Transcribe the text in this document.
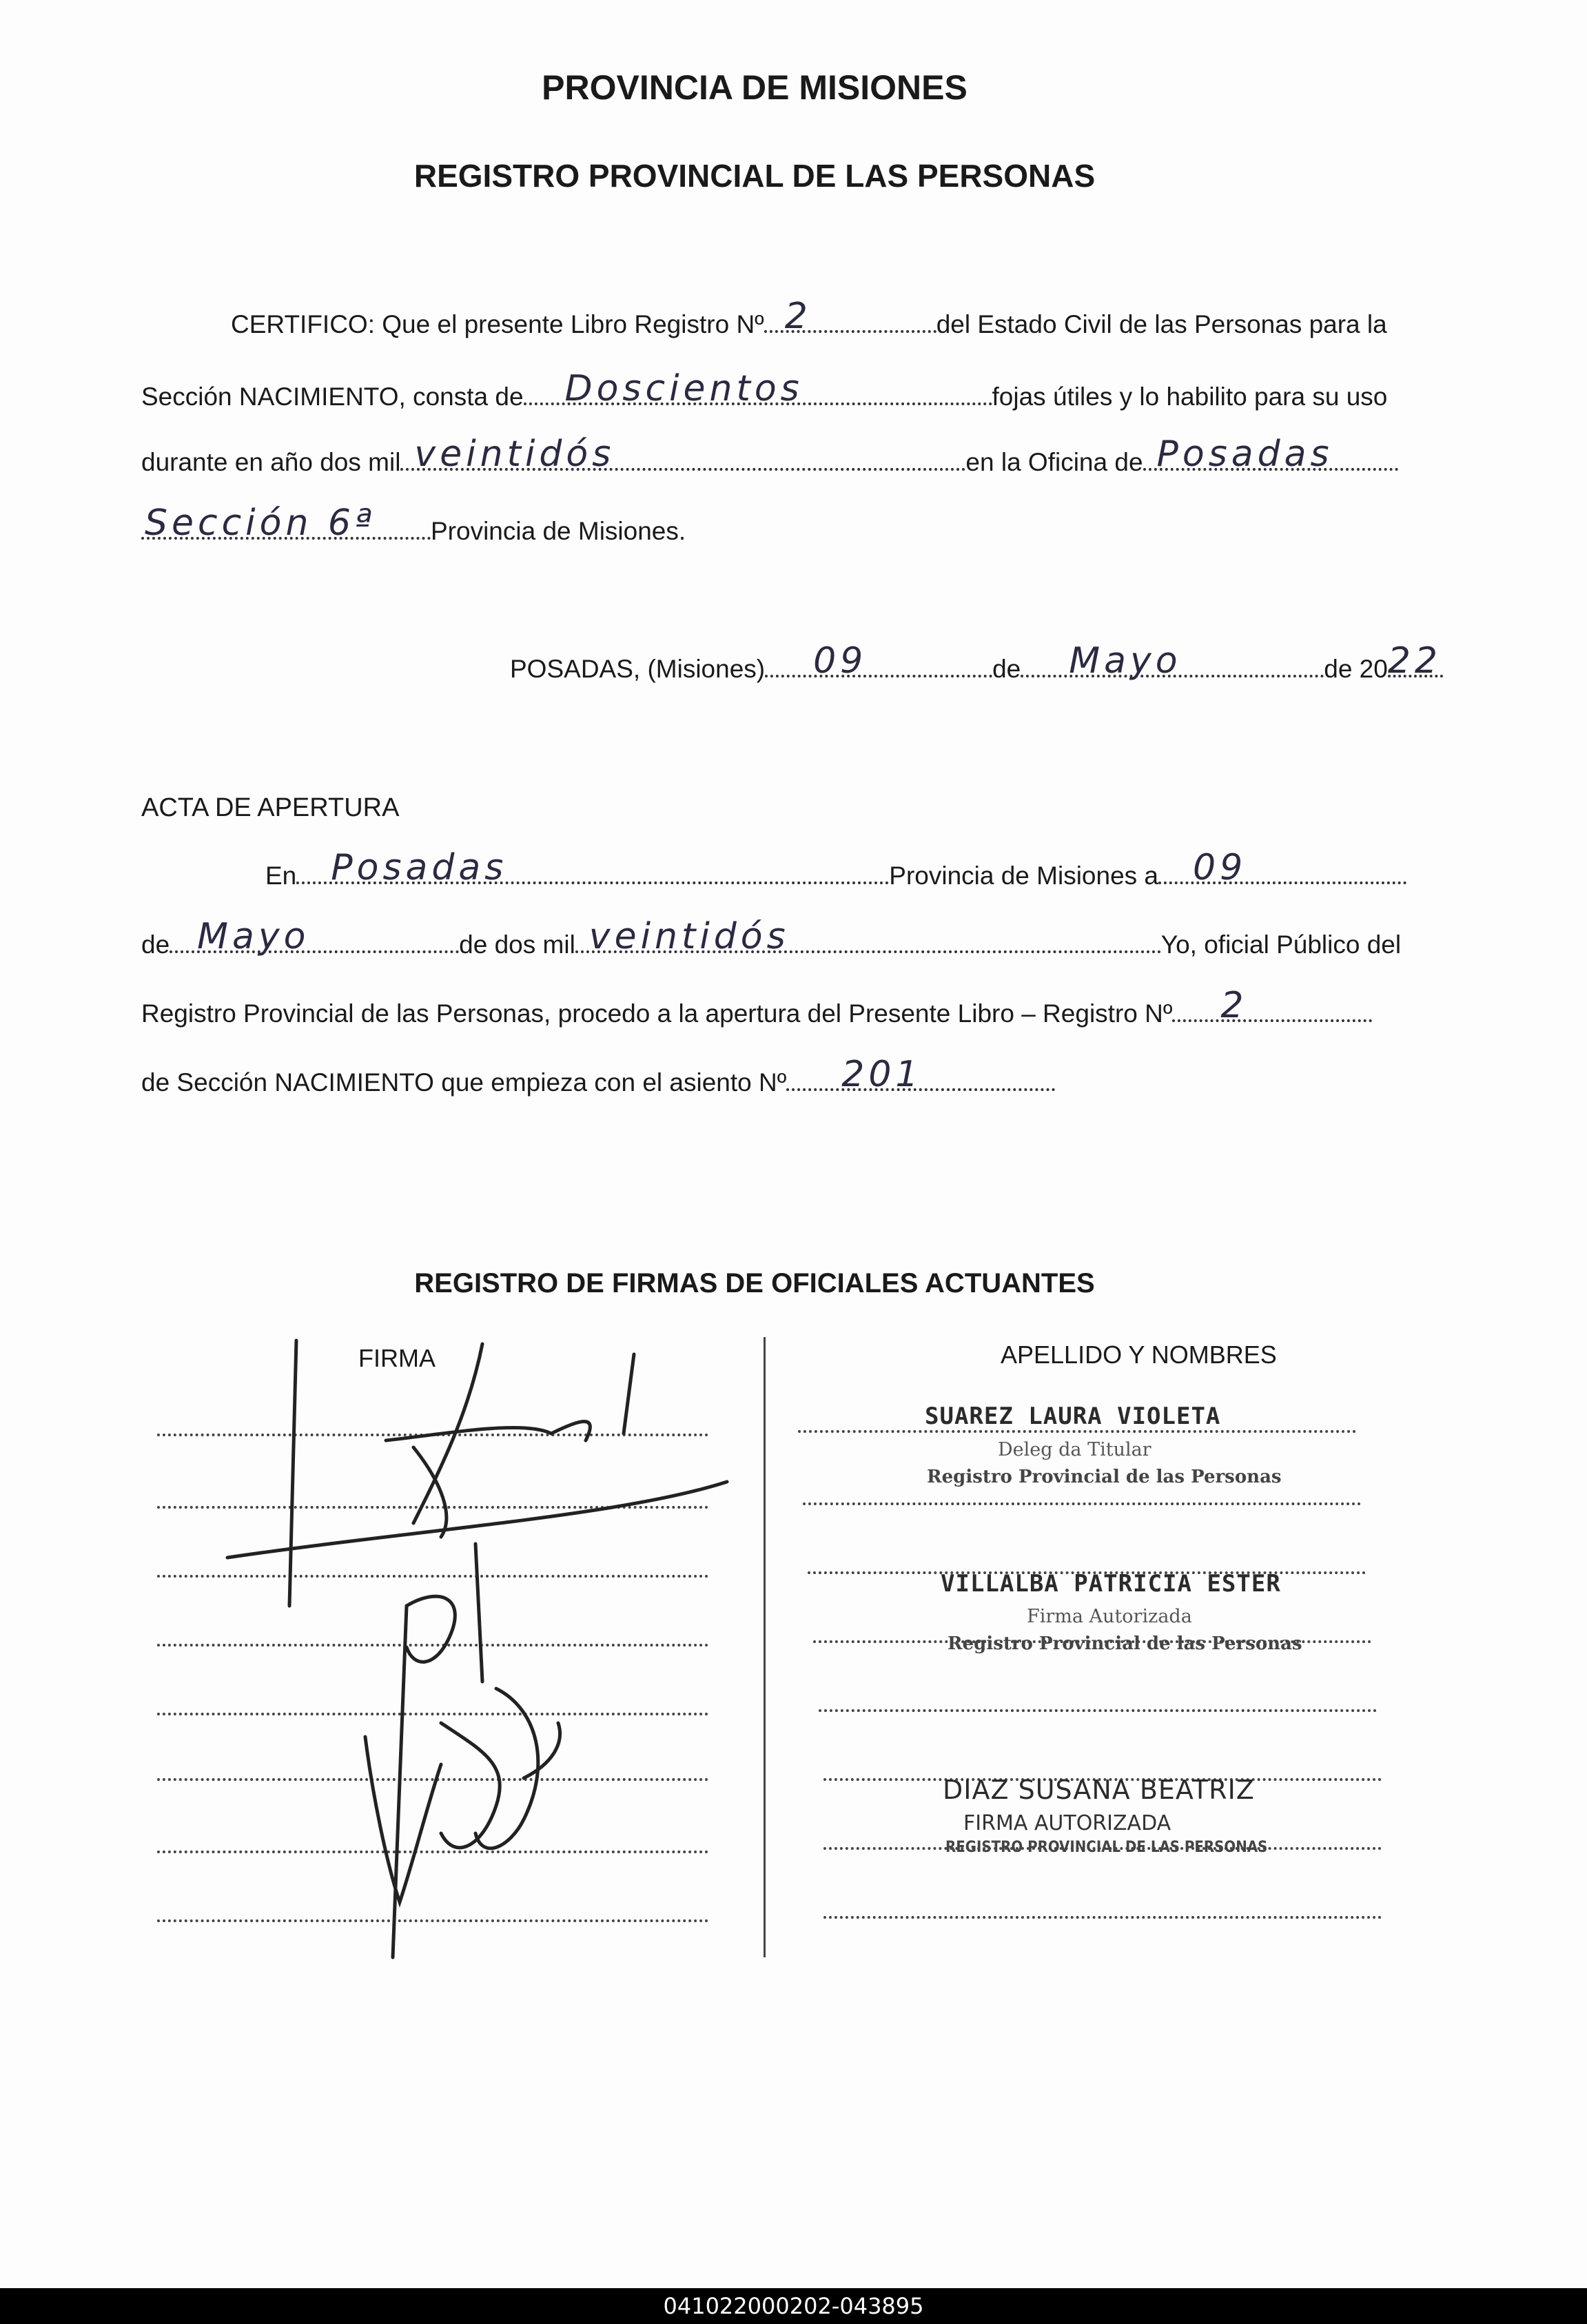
PROVINCIA DE MISIONES
REGISTRO PROVINCIAL DE LAS PERSONAS
CERTIFICO: Que el presente Libro Registro Nº 2	del Estado Civil de las Personas para la
Sección NACIMIENTO, consta de Doscientos	fojas útiles y lo habilito para su uso
durante en año dos mil veintidós	en la Oficina de Posadas
Sección 6ª Provincia de Misiones.
POSADAS, (Misiones) 09	de Mayo	de 20 22
ACTA DE APERTURA
En Posadas	Provincia de Misiones a 09
de Mayo	de dos mil veintidós	Yo, oficial Público del
Registro Provincial de las Personas, procedo a la apertura del Presente Libro – Registro Nº 2
de Sección NACIMIENTO que empieza con el asiento Nº 201
REGISTRO DE FIRMAS DE OFICIALES ACTUANTES
FIRMA	APELLIDO Y NOMBRES
SUAREZ LAURA VIOLETA
Deleg da Titular
Registro Provincial de las Personas
VILLALBA PATRICIA ESTER
Firma Autorizada
Registro Provincial de las Personas
DIAZ SUSANA BEATRIZ
FIRMA AUTORIZADA
REGISTRO PROVINCIAL DE LAS PERSONAS
041022000202-043895
